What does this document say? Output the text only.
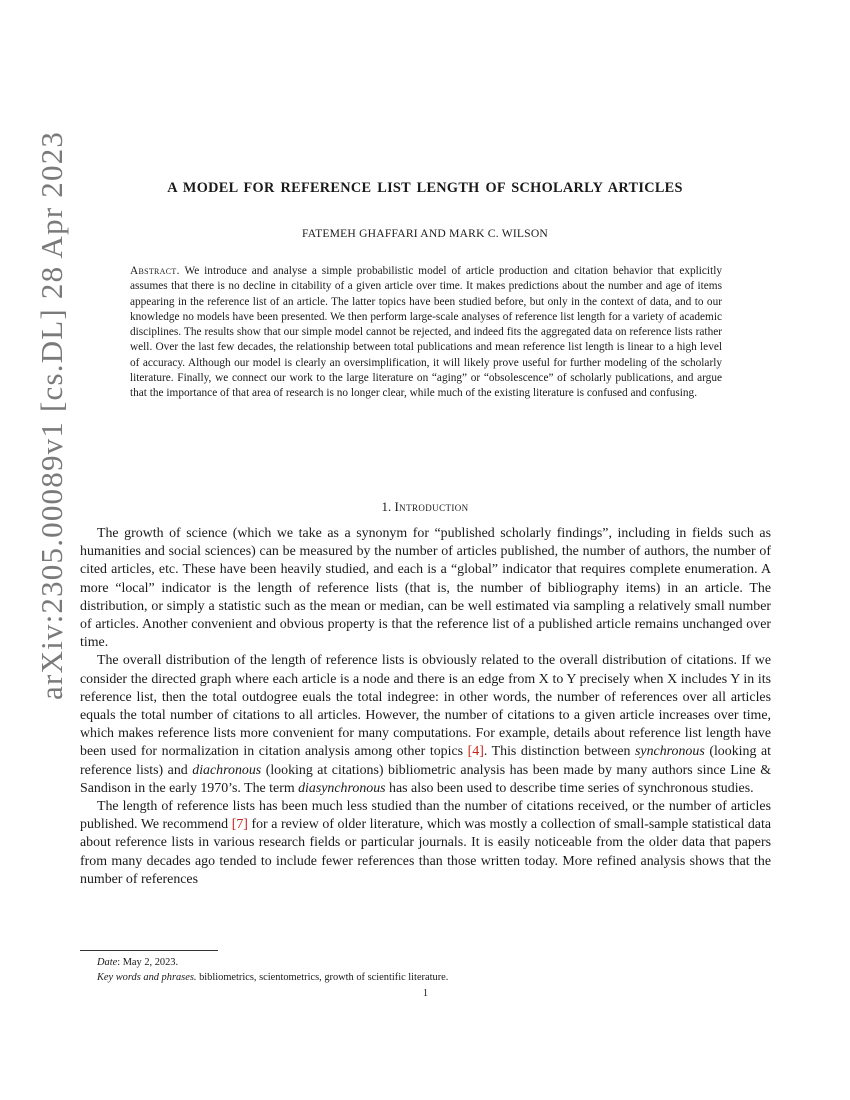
arXiv:2305.00089v1 [cs.DL] 28 Apr 2023	A MODEL FOR REFERENCE LIST LENGTH OF SCHOLARLY ARTICLES
FATEMEH GHAFFARI AND MARK C. WILSON

Abstract. We introduce and analyse a simple probabilistic model of article production and citation behavior that explicitly assumes that there is no decline in citability of a given article over time. It makes predictions about the number and age of items appearing in the reference list of an article. The latter topics have been studied before, but only in the context of data, and to our knowledge no models have been presented. We then perform large-scale analyses of reference list length for a variety of academic disciplines. The results show that our simple model cannot be rejected, and indeed fits the aggregated data on reference lists rather well. Over the last few decades, the relationship between total publications and mean reference list length is linear to a high level of accuracy. Although our model is clearly an oversimplification, it will likely prove useful for further modeling of the scholarly literature. Finally, we connect our work to the large literature on “aging” or “obsolescence” of scholarly publications, and argue that the importance of that area of research is no longer clear, while much of the existing literature is confused and confusing.

1. Introduction

The growth of science (which we take as a synonym for “published scholarly findings”, including in fields such as humanities and social sciences) can be measured by the number of articles published, the number of authors, the number of cited articles, etc. These have been heavily studied, and each is a “global” indicator that requires complete enumeration. A more “local” indicator is the length of reference lists (that is, the number of bibliography items) in an article. The distribution, or simply a statistic such as the mean or median, can be well estimated via sampling a relatively small number of articles. Another convenient and obvious property is that the reference list of a published article remains unchanged over time.

The overall distribution of the length of reference lists is obviously related to the overall distribution of citations. If we consider the directed graph where each article is a node and there is an edge from X to Y precisely when X includes Y in its reference list, then the total outdogree euals the total indegree: in other words, the number of references over all articles equals the total number of citations to all articles. However, the number of citations to a given article increases over time, which makes reference lists more convenient for many computations. For example, details about reference list length have been used for normalization in citation analysis among other topics [4]. This distinction between synchronous (looking at reference lists) and diachronous (looking at citations) bibliometric analysis has been made by many authors since Line & Sandison in the early 1970’s. The term diasynchronous has also been used to describe time series of synchronous studies.

The length of reference lists has been much less studied than the number of citations received, or the number of articles published. We recommend [7] for a review of older literature, which was mostly a collection of small-sample statistical data about reference lists in various research fields or particular journals. It is easily noticeable from the older data that papers from many decades ago tended to include fewer references than those written today. More refined analysis shows that the number of references

Date: May 2, 2023.

Key words and phrases. bibliometrics, scientometrics, growth of scientific literature.

1
